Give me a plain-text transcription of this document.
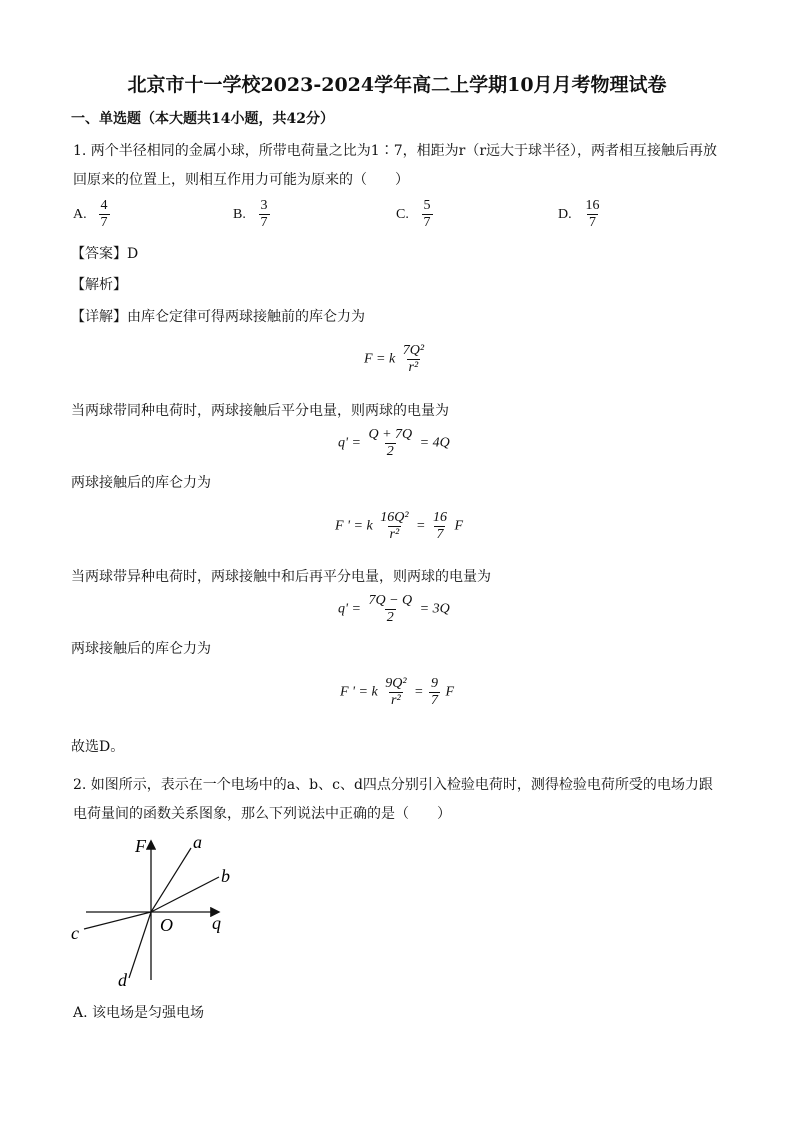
北京市十一学校2023-2024学年高二上学期10月月考物理试卷
一、单选题（本大题共14小题，共42分）
1. 两个半径相同的金属小球，所带电荷量之比为1∶7，相距为r（r远大于球半径），两者相互接触后再放
回原来的位置上，则相互作用力可能为原来的（　　）
A. $\frac{4}{7}$	B. $\frac{3}{7}$	C. $\frac{5}{7}$	D. $\frac{16}{7}$
【答案】D
【解析】
【详解】由库仑定律可得两球接触前的库仑力为
F = k $\frac{\text{7Q²}}{\text{r²}}$
当两球带同种电荷时，两球接触后平分电量，则两球的电量为
$q' = \frac{Q + 7Q}{2} = 4Q$
两球接触后的库仑力为
F ' = k $\frac{\text{16Q²}}{\text{r²}} = \frac{16}{7}$ F
当两球带异种电荷时，两球接触中和后再平分电量，则两球的电量为
$q' = \frac{7Q - Q}{2} = 3Q$
两球接触后的库仑力为
F ' = k $\frac{\text{9Q²}}{\text{r²}} = \frac{9}{7}$ F
故选D。
2. 如图所示，表示在一个电场中的a、b、c、d四点分别引入检验电荷时，测得检验电荷所受的电场力跟
电荷量间的函数关系图象，那么下列说法中正确的是（　　）
F	a
b
c
d
O q
A. 该电场是匀强电场
